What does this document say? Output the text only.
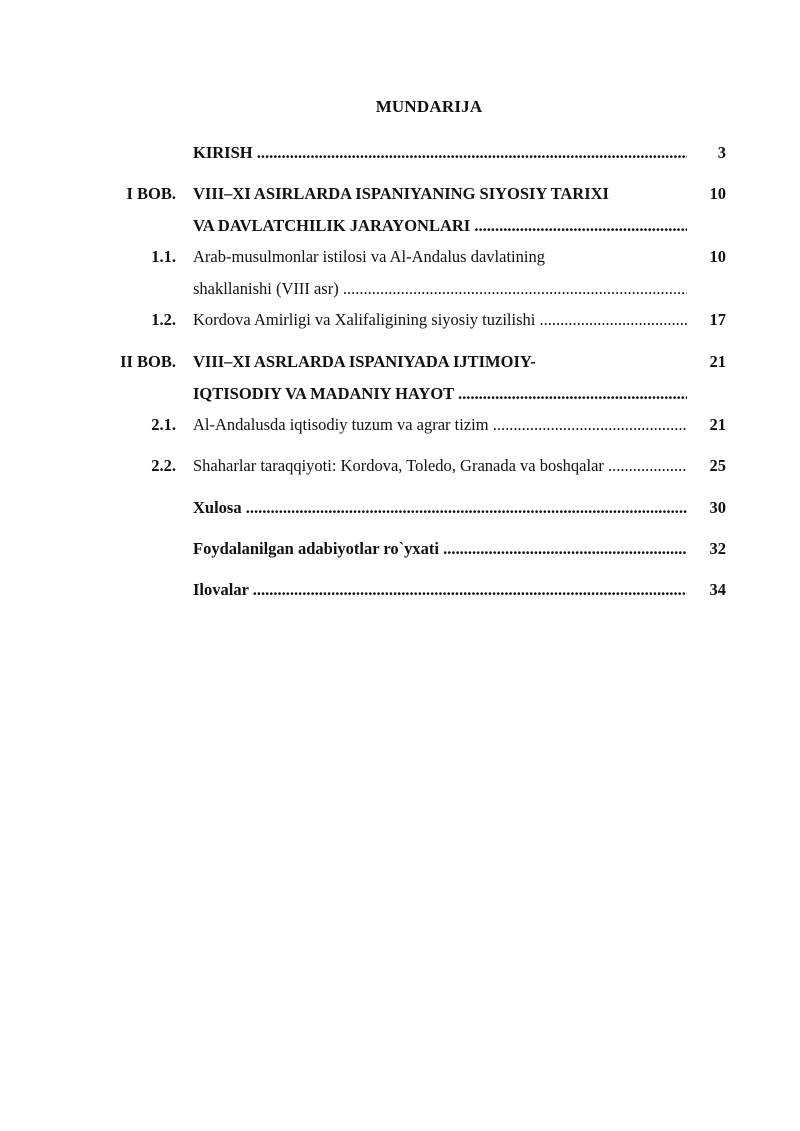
MUNDARIJA
KIRISH .....	3
I BOB. VIII–XI ASIRLARDA ISPANIYANING SIYOSIY TARIXI	10
VA DAVLATCHILIK JARAYONLARI .....
1.1. Arab-musulmonlar istilosi va Al-Andalus davlatining	10
shakllanishi (VIII asr) .....
1.2. Kordova Amirligi va Xalifaligining siyosiy tuzilishi .....	17
II BOB. VIII–XI ASRLARDA ISPANIYADA IJTIMOIY-	21
IQTISODIY VA MADANIY HAYOT .....
2.1. Al-Andalusda iqtisodiy tuzum va agrar tizim .....	21
2.2. Shaharlar taraqqiyoti: Kordova, Toledo, Granada va boshqalar .....	25
Xulosa .....	30
Foydalanilgan adabiyotlar ro`yxati .....	32
Ilovalar .....	34
